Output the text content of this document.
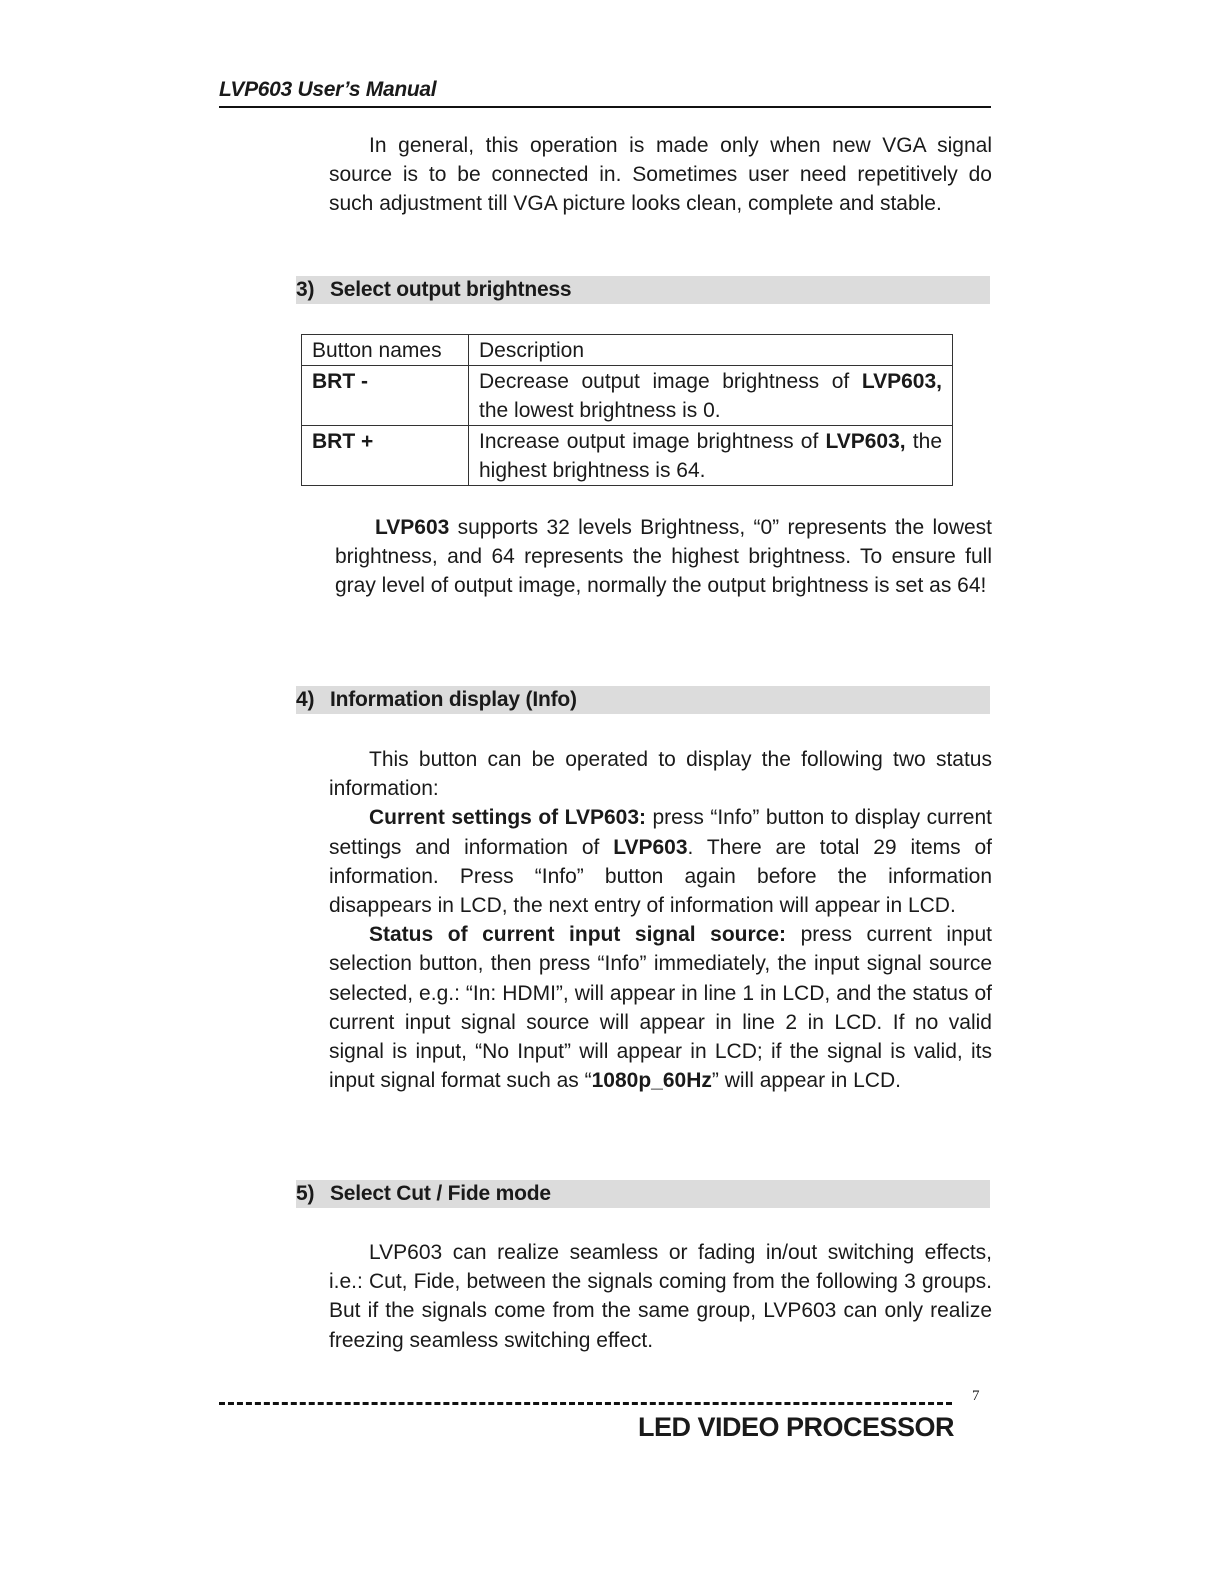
LVP603 User’s Manual

In general, this operation is made only when new VGA signal source is to be connected in. Sometimes user need repetitively do such adjustment till VGA picture looks clean, complete and stable.

3) Select output brightness
Button names	Description
BRT -	Decrease output image brightness of LVP603, the lowest brightness is 0.
BRT +	Increase output image brightness of LVP603, the highest brightness is 64.

LVP603 supports 32 levels Brightness, “0” represents the lowest brightness, and 64 represents the highest brightness. To ensure full gray level of output image, normally the output brightness is set as 64!

4) Information display (Info)

This button can be operated to display the following two status information:

Current settings of LVP603: press “Info” button to display current settings and information of LVP603. There are total 29 items of information. Press “Info” button again before the information disappears in LCD, the next entry of information will appear in LCD.

Status of current input signal source: press current input selection button, then press “Info” immediately, the input signal source selected, e.g.: “In: HDMI”, will appear in line 1 in LCD, and the status of current input signal source will appear in line 2 in LCD. If no valid signal is input, “No Input” will appear in LCD; if the signal is valid, its input signal format such as “1080p_60Hz” will appear in LCD.

5) Select Cut / Fide mode

LVP603 can realize seamless or fading in/out switching effects, i.e.: Cut, Fide, between the signals coming from the following 3 groups. But if the signals come from the same group, LVP603 can only realize freezing seamless switching effect.

7
LED VIDEO PROCESSOR
